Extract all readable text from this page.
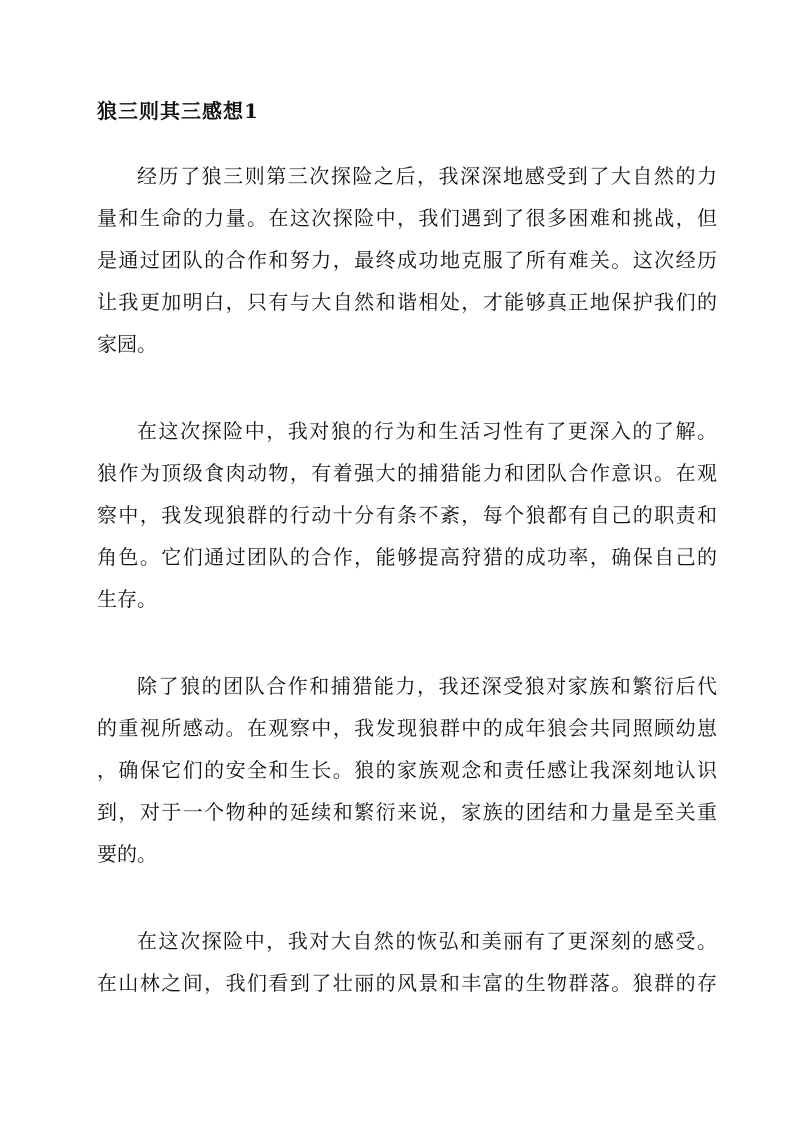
狼三则其三感想1
经历了狼三则第三次探险之后，我深深地感受到了大自然的力
量和生命的力量。在这次探险中，我们遇到了很多困难和挑战，但
是通过团队的合作和努力，最终成功地克服了所有难关。这次经历
让我更加明白，只有与大自然和谐相处，才能够真正地保护我们的
家园。
在这次探险中，我对狼的行为和生活习性有了更深入的了解。
狼作为顶级食肉动物，有着强大的捕猎能力和团队合作意识。在观
察中，我发现狼群的行动十分有条不紊，每个狼都有自己的职责和
角色。它们通过团队的合作，能够提高狩猎的成功率，确保自己的
生存。
除了狼的团队合作和捕猎能力，我还深受狼对家族和繁衍后代
的重视所感动。在观察中，我发现狼群中的成年狼会共同照顾幼崽
，确保它们的安全和生长。狼的家族观念和责任感让我深刻地认识
到，对于一个物种的延续和繁衍来说，家族的团结和力量是至关重
要的。
在这次探险中，我对大自然的恢弘和美丽有了更深刻的感受。
在山林之间，我们看到了壮丽的风景和丰富的生物群落。狼群的存
